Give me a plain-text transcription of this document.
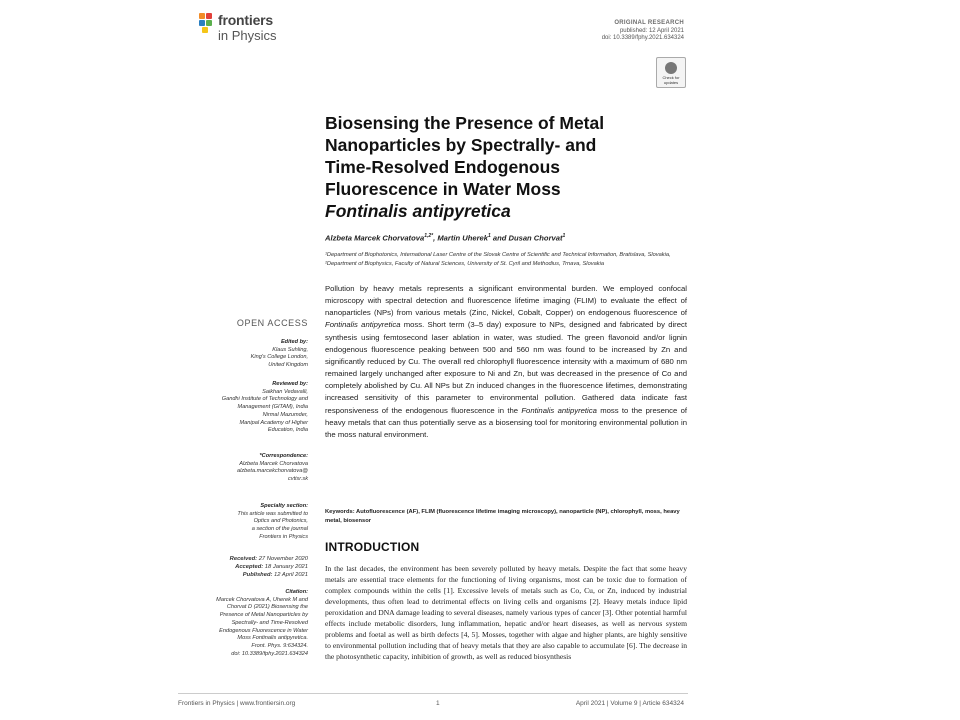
frontiers
in Physics
ORIGINAL RESEARCH
published: 12 April 2021
doi: 10.3389/fphy.2021.634324
Check for updates
Biosensing the Presence of Metal
Nanoparticles by Spectrally- and
Time-Resolved Endogenous
Fluorescence in Water Moss
Fontinalis antipyretica
Alzbeta Marcek Chorvatova$^{1,2*}$, Martin Uherek$^1$ and Dusan Chorvat$^1$
¹Department of Biophotonics, International Laser Centre of the Slovak Centre of Scientific and Technical Information, Bratislava, Slovakia, ²Department of Biophysics, Faculty of Natural Sciences, University of St. Cyril and Methodius, Trnava, Slovakia
Pollution by heavy metals represents a significant environmental burden. We employed confocal microscopy with spectral detection and fluorescence lifetime imaging (FLIM) to evaluate the effect of nanoparticles (NPs) from various metals (Zinc, Nickel, Cobalt, Copper) on endogenous fluorescence of Fontinalis antipyretica moss. Short term (3–5 day) exposure to NPs, designed and fabricated by direct synthesis using femtosecond laser ablation in water, was studied. The green flavonoid and/or lignin endogenous fluorescence peaking between 500 and 560 nm was found to be increased by Zn and significantly reduced by Cu. The overall red chlorophyll fluorescence intensity with a maximum of 680 nm remained largely unchanged after exposure to Ni and Zn, but was decreased in the presence of Co and completely abolished by Cu. All NPs but Zn induced changes in the fluorescence lifetimes, demonstrating increased sensitivity of this parameter to environmental pollution. Gathered data indicate fast responsiveness of the endogenous fluorescence in the Fontinalis antipyretica moss to the presence of heavy metals that can thus potentially serve as a biosensing tool for monitoring environmental pollution in the moss natural environment.
Keywords: Autofluorescence (AF), FLIM (fluorescence lifetime imaging microscopy), nanoparticle (NP), chlorophyll, moss, heavy metal, biosensor
INTRODUCTION
In the last decades, the environment has been severely polluted by heavy metals. Despite the fact that some heavy metals are essential trace elements for the functioning of living organisms, most can be toxic due to formation of complex compounds within the cells [1]. Excessive levels of metals such as Co, Cu, or Zn, induced by industrial developments, thus often lead to detrimental effects on living cells and organisms [2]. Heavy metals induce lipid peroxidation and DNA damage leading to several diseases, namely various types of cancer [3]. Other potential harmful effects include metabolic disorders, lung inflammation, hepatic and/or heart diseases, as well as nervous system problems and foetal as well as birth defects [4, 5]. Mosses, together with algae and higher plants, are highly sensitive to environmental pollution including that of heavy metals that they are also capable to accumulate [6]. The decrease in the photosynthetic capacity, inhibition of growth, as well as reduced biosynthesis
OPEN ACCESS
Edited by:
Klaus Suhling,
King's College London,
United Kingdom
Reviewed by:
Saikhan Vedavalli,
Gandhi Institute of Technology and
Management (GITAM), India
Nirmal Mazumder,
Manipal Academy of Higher
Education, India
*Correspondence:
Alzbeta Marcek Chorvatova
alzbeta.marcekchorvatova@
cvtisr.sk
Specialty section:
This article was submitted to
Optics and Photonics,
a section of the journal
Frontiers in Physics
Received: 27 November 2020
Accepted: 18 January 2021
Published: 12 April 2021
Citation:
Marcek Chorvatova A, Uherek M and
Chorvat D (2021) Biosensing the
Presence of Metal Nanoparticles by
Spectrally- and Time-Resolved
Endogenous Fluorescence in Water
Moss Fontinalis antipyretica.
Front. Phys. 9:634324.
doi: 10.3389/fphy.2021.634324
Frontiers in Physics | www.frontiersin.org	1	April 2021 | Volume 9 | Article 634324
